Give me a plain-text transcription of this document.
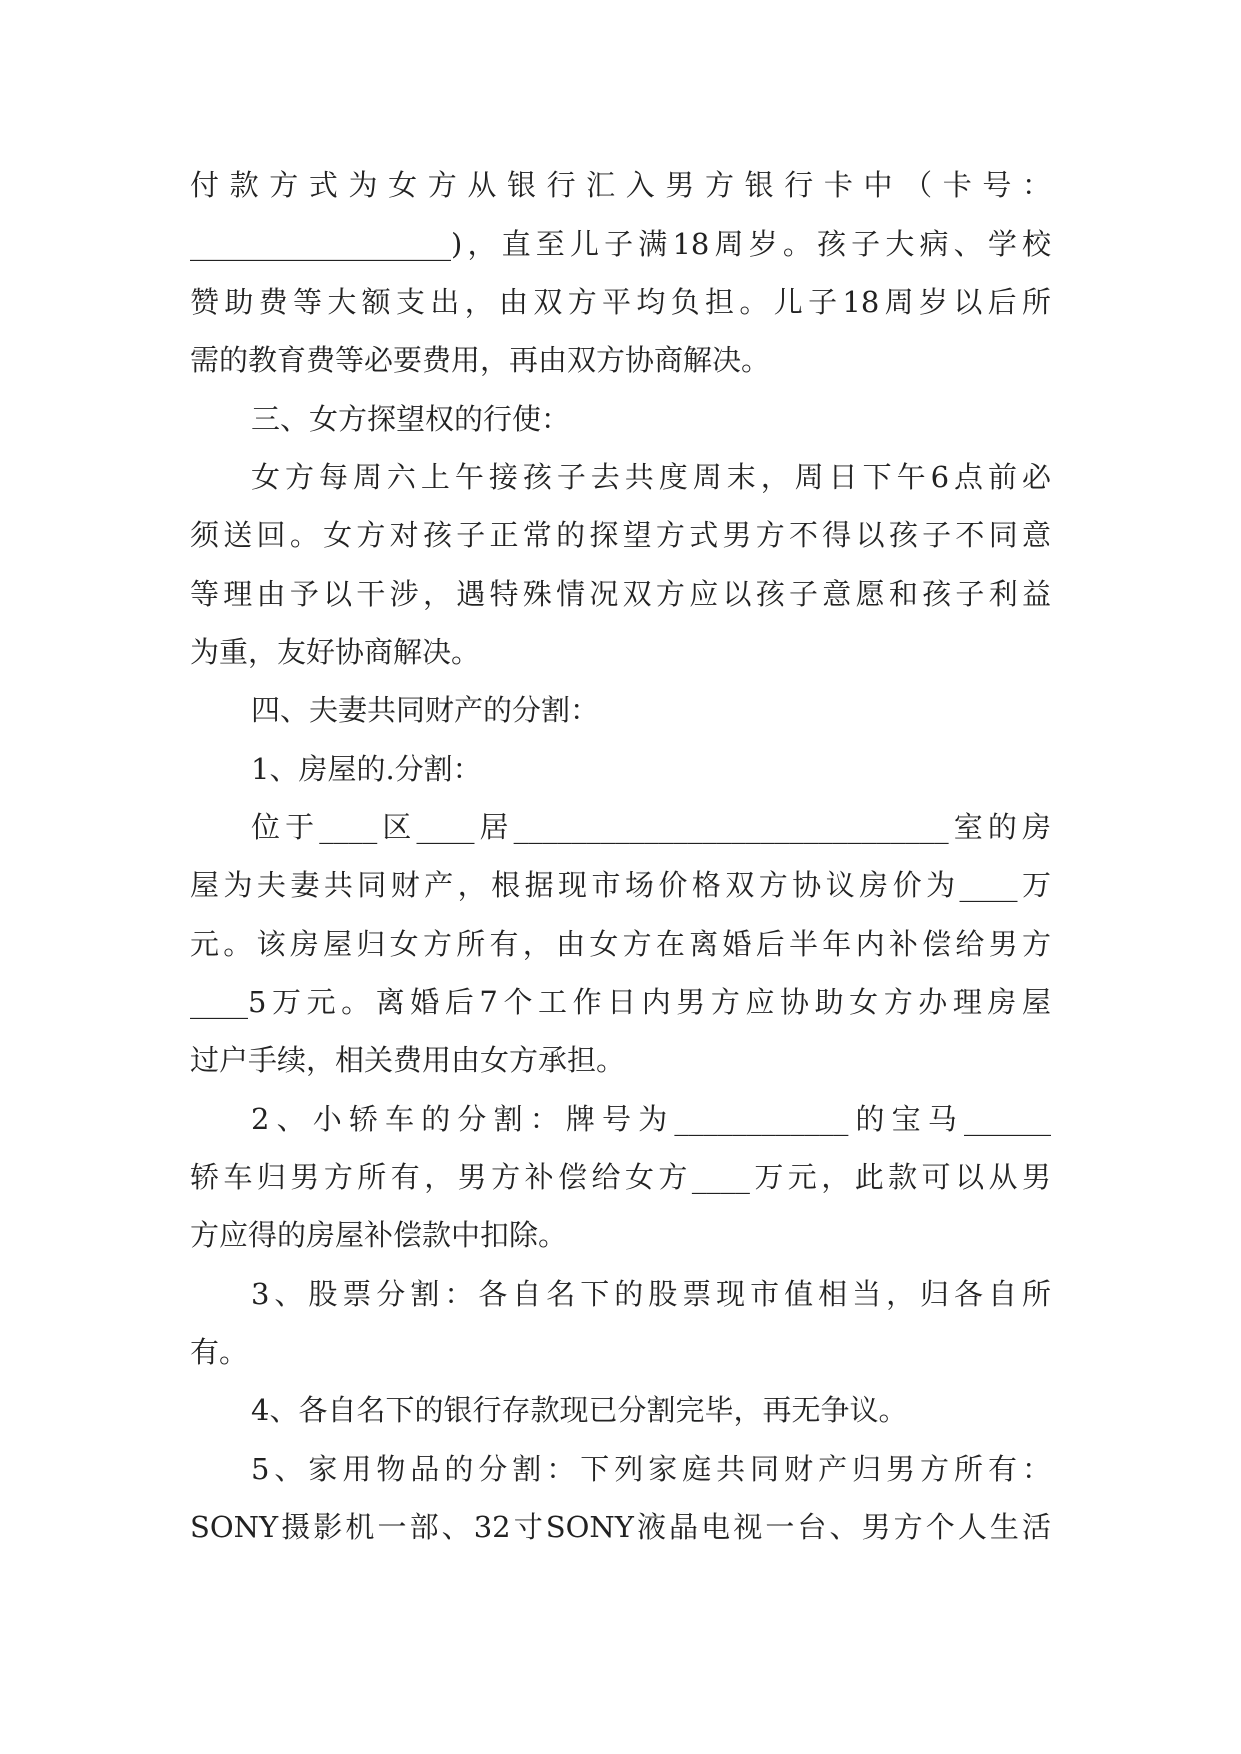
付款方式为女方从银行汇入男方银行卡中（卡号：
__________________)，直至儿子满18周岁。孩子大病、学校
赞助费等大额支出，由双方平均负担。儿子18周岁以后所
需的教育费等必要费用，再由双方协商解决。
三、女方探望权的行使：
女方每周六上午接孩子去共度周末，周日下午6点前必
须送回。女方对孩子正常的探望方式男方不得以孩子不同意
等理由予以干涉，遇特殊情况双方应以孩子意愿和孩子利益
为重，友好协商解决。
四、夫妻共同财产的分割：
1、房屋的.分割：
位于____区____居______________________________室的房
屋为夫妻共同财产，根据现市场价格双方协议房价为____万
元。该房屋归女方所有，由女方在离婚后半年内补偿给男方
____5万元。离婚后7个工作日内男方应协助女方办理房屋
过户手续，相关费用由女方承担。
2、小轿车的分割：牌号为____________的宝马______
轿车归男方所有，男方补偿给女方____万元，此款可以从男
方应得的房屋补偿款中扣除。
3、股票分割：各自名下的股票现市值相当，归各自所
有。
4、各自名下的银行存款现已分割完毕，再无争议。
5、家用物品的分割：下列家庭共同财产归男方所有：
SONY摄影机一部、32寸SONY液晶电视一台、男方个人生活
